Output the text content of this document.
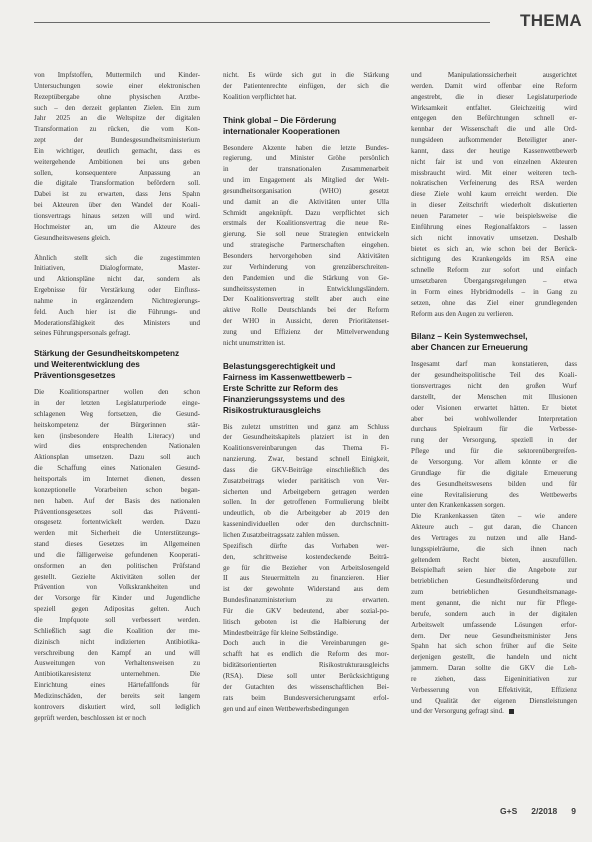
THEMA
von Impfstoffen, Muttermilch und Kinder-
Untersuchungen sowie einer elektronischen
Rezeptübergabe ohne physischen Arztbe-
such – den derzeit geplanten Zielen. Ein zum
Jahr 2025 an die Weltspitze der digitalen
Transformation zu rücken, die vom Kon-
zept der Bundesgesundheitsministerium
Ein wichtiger, deutlich gemacht, dass es
weitergehende Ambitionen bei uns geben
sollen, konsequentere Anpassung an
die digitale Transformation befördern soll.
Dabei ist zu erwarten, dass Jens Spahn
bei Akteuren über den Wandel der Koali-
tionsvertrags hinaus setzen will und wird.
Hochmeister an, um die Akteure des
Gesundheitswesens gleich.
Ähnlich stellt sich die zugestimmten
Initiativen, Dialogformate, Master-
und Aktionspläne nicht dar, sondern als
Ergebnisse für Verstärkung oder Einfluss-
nahme in ergänzendem Nichtregierungs-
feld. Auch hier ist die Führungs- und
Moderationsfähigkeit des Ministers und
seines Führungspersonals gefragt.
Stärkung der Gesundheitskompetenz
und Weiterentwicklung des
Präventionsgesetzes
Die Koalitionspartner wollen den schon
in der letzten Legislaturperiode einge-
schlagenen Weg fortsetzen, die Gesund-
heitskompetenz der Bürgerinnen stär-
ken (insbesondere Health Literacy) und
wird dies entsprechenden Nationalen
Aktionsplan umsetzen. Dazu soll auch
die Schaffung eines Nationalen Gesund-
heitsportals im Internet dienen, dessen
konzeptionelle Vorarbeiten schon began-
nen haben. Auf der Basis des nationalen
Präventionsgesetzes soll das Präventi-
onsgesetz fortentwickelt werden. Dazu
werden mit Sicherheit die Unterstützungs-
stand dieses Gesetzes im Allgemeinen
und die fälligerweise gefundenen Kooperati-
onsformen an den politischen Prüfstand
gestellt. Gezielte Aktivitäten sollen der
Prävention von Volkskrankheiten und
der Vorsorge für Kinder und Jugendliche
speziell gegen Adipositas gelten. Auch
die Impfquote soll verbessert werden.
Schließlich sagt die Koalition der me-
dizinisch nicht indizierten Antibiotika-
verschreibung den Kampf an und will
Ausweitungen von Verhaltensweisen zu
Antibiotikaresistenz unternehmen. Die
Einrichtung eines Härtefallfonds für
Medizinschäden, der bereits seit langem
kontrovers diskutiert wird, soll lediglich
geprüft werden, beschlossen ist er noch
nicht. Es würde sich gut in die Stärkung
der Patientenrechte einfügen, der sich die
Koalition verpflichtet hat.
Think global – Die Förderung
internationaler Kooperationen
Besondere Akzente haben die letzte Bundes-
regierung, und Minister Gröhe persönlich
in der transnationalen Zusammenarbeit
und im Engagement als Mitglied der Welt-
gesundheitsorganisation (WHO) gesetzt
und damit an die Aktivitäten unter Ulla
Schmidt angeknüpft. Dazu verpflichtet sich
erstmals der Koalitionsvertrag die neue Re-
gierung. Sie soll neue Strategien entwickeln
und strategische Partnerschaften eingehen.
Besonders hervorgehoben sind Aktivitäten
zur Verhinderung von grenzüberschreiten-
den Pandemien und die Stärkung von Ge-
sundheitssystemen in Entwicklungsländern.
Der Koalitionsvertrag stellt aber auch eine
aktive Rolle Deutschlands bei der Reform
der WHO in Aussicht, deren Prioritätenset-
zung und Effizienz der Mittelverwendung
nicht unumstritten ist.
Belastungsgerechtigkeit und
Fairness im Kassenwettbewerb –
Erste Schritte zur Reform des
Finanzierungssystems und des
Risikostrukturausgleichs
Bis zuletzt umstritten und ganz am Schluss
der Gesundheitskapitels platziert ist in den
Koalitionsvereinbarungen das Thema Fi-
nanzierung. Zwar, bestand schnell Einigkeit,
dass die GKV-Beiträge einschließlich des
Zusatzbeitrags wieder paritätisch von Ver-
sicherten und Arbeitgebern getragen werden
sollen. In der getroffenen Formulierung bleibt
undeutlich, ob die Arbeitgeber ab 2019 den
kassenindividuellen oder den durchschnitt-
lichen Zusatzbeitragssatz zahlen müssen.
Spezifisch dürfte das Vorhaben wer-
den, schrittweise kostendeckende Beiträ-
ge für die Bezieher von Arbeitslosengeld
II aus Steuermitteln zu finanzieren. Hier
ist der gewohnte Widerstand aus dem
Bundesfinanzministerium zu erwarten.
Für die GKV bedeutend, aber sozial-po-
litisch geboten ist die Halbierung der
Mindestbeiträge für kleine Selbständige.
Doch auch in die Vereinbarungen ge-
schafft hat es endlich die Reform des mor-
biditätsorientierten Risikostrukturausgleichs
(RSA). Diese soll unter Berücksichtigung
der Gutachten des wissenschaftlichen Bei-
rats beim Bundesversicherungsamt erfol-
gen und auf einen Wettbewerbsbedingungen
und Manipulationssicherheit ausgerichtet
werden. Damit wird offenbar eine Reform
angestrebt, die in dieser Legislaturperiode
Wirksamkeit entfaltet. Gleichzeitig wird
entgegen den Befürchtungen schnell er-
kennbar der Wissenschaft die und alle Ord-
nungsideen aufkommender Beteiligter aner-
kannt, dass der heutige Kassenwettbewerb
nicht fair ist und von einzelnen Akteuren
missbraucht wird. Mit einer weiteren tech-
nokratischen Verfeinerung des RSA werden
diese Ziele wohl kaum erreicht werden. Die
in dieser Zeitschrift wiederholt diskutierten
neuen Parameter – wie beispielsweise die
Einführung eines Regionalfaktors – lassen
sich nicht innovativ umsetzen. Deshalb
bietet es sich an, wie schon bei der Berück-
sichtigung des Krankengelds im RSA eine
schnelle Reform zur sofort und einfach
umsetzbaren Übergangsregelungen – etwa
in Form eines Hybridmodells – in Gang zu
setzen, ohne das Ziel einer grundlegenden
Reform aus den Augen zu verlieren.
Bilanz – Kein Systemwechsel,
aber Chancen zur Erneuerung
Insgesamt darf man konstatieren, dass
der gesundheitspolitische Teil des Koali-
tionsvertrages nicht den großen Wurf
darstellt, der Menschen mit Illusionen
oder Visionen erwartet hätten. Er bietet
aber bei wohlwollender Interpretation
durchaus Spielraum für die Verbesse-
rung der Versorgung, speziell in der
Pflege und für die sektorenübergreifen-
de Versorgung. Vor allem könnte er die
Grundlage für die digitale Erneuerung
des Gesundheitswesens bilden und für
eine Revitalisierung des Wettbewerbs
unter den Krankenkassen sorgen.
Die Krankenkassen täten – wie andere
Akteure auch – gut daran, die Chancen
des Vertrages zu nutzen und alle Hand-
lungsspielräume, die sich ihnen nach
geltendem Recht bieten, auszufüllen.
Beispielhaft seien hier die Angebote zur
betrieblichen Gesundheitsförderung und
zum betrieblichen Gesundheitsmanage-
ment genannt, die nicht nur für Pflege-
berufe, sondern auch in der digitalen
Arbeitswelt umfassende Lösungen erfor-
dern. Der neue Gesundheitsminister Jens
Spahn hat sich schon früher auf die Seite
derjenigen gestellt, die handeln und nicht
jammern. Daran sollte die GKV die Leh-
re ziehen, dass Eigeninitiativen zur
Verbesserung von Effektivität, Effizienz
und Qualität der eigenen Dienstleistungen
und der Versorgung gefragt sind.
G+S 2/2018 9
